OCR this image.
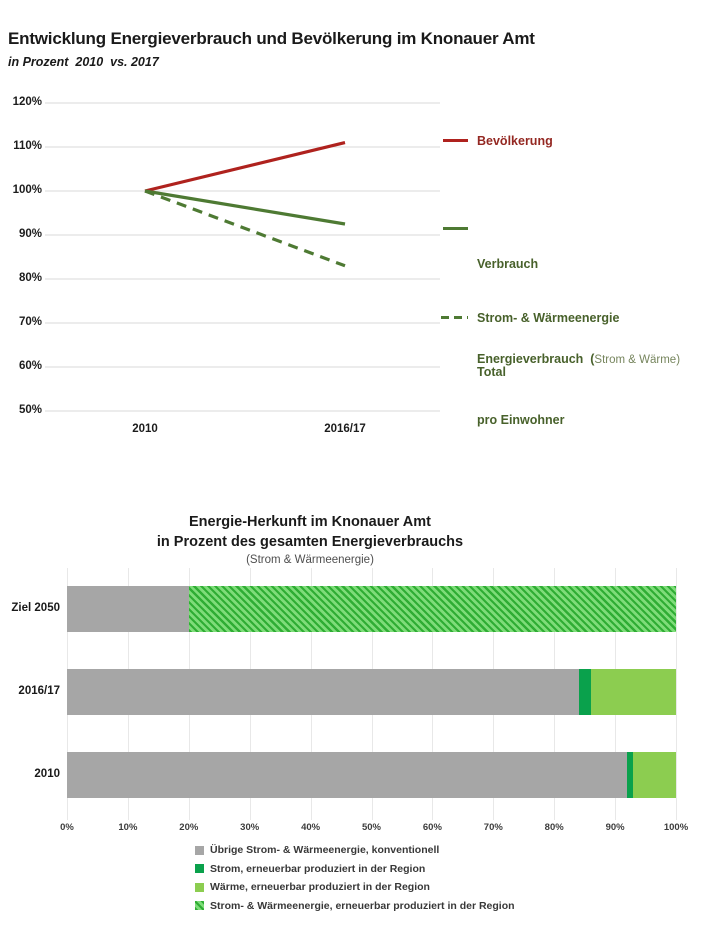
Entwicklung Energieverbrauch und Bevölkerung im Knonauer Amt
in Prozent  2010  vs. 2017
Bevölkerung

Verbrauch

Strom- & Wärmeenergie

Total

Energieverbrauch  (Strom & Wärme)

pro Einwohner

Energie-Herkunft im Knonauer Amt
in Prozent des gesamten Energieverbrauchs
(Strom & Wärmeenergie)
0%	10%	20%	30%	40%	50%	60%	70%	80%	90%	100%
Übrige Strom- & Wärmeenergie, konventionell
Strom, erneuerbar produziert in der Region
Wärme, erneuerbar produziert in der Region
Strom- & Wärmeenergie, erneuerbar produziert in der Region
120%
110%
100%
90%
80%
70%
60%
50%
2010	2016/17
Ziel 2050
2016/17
2010
